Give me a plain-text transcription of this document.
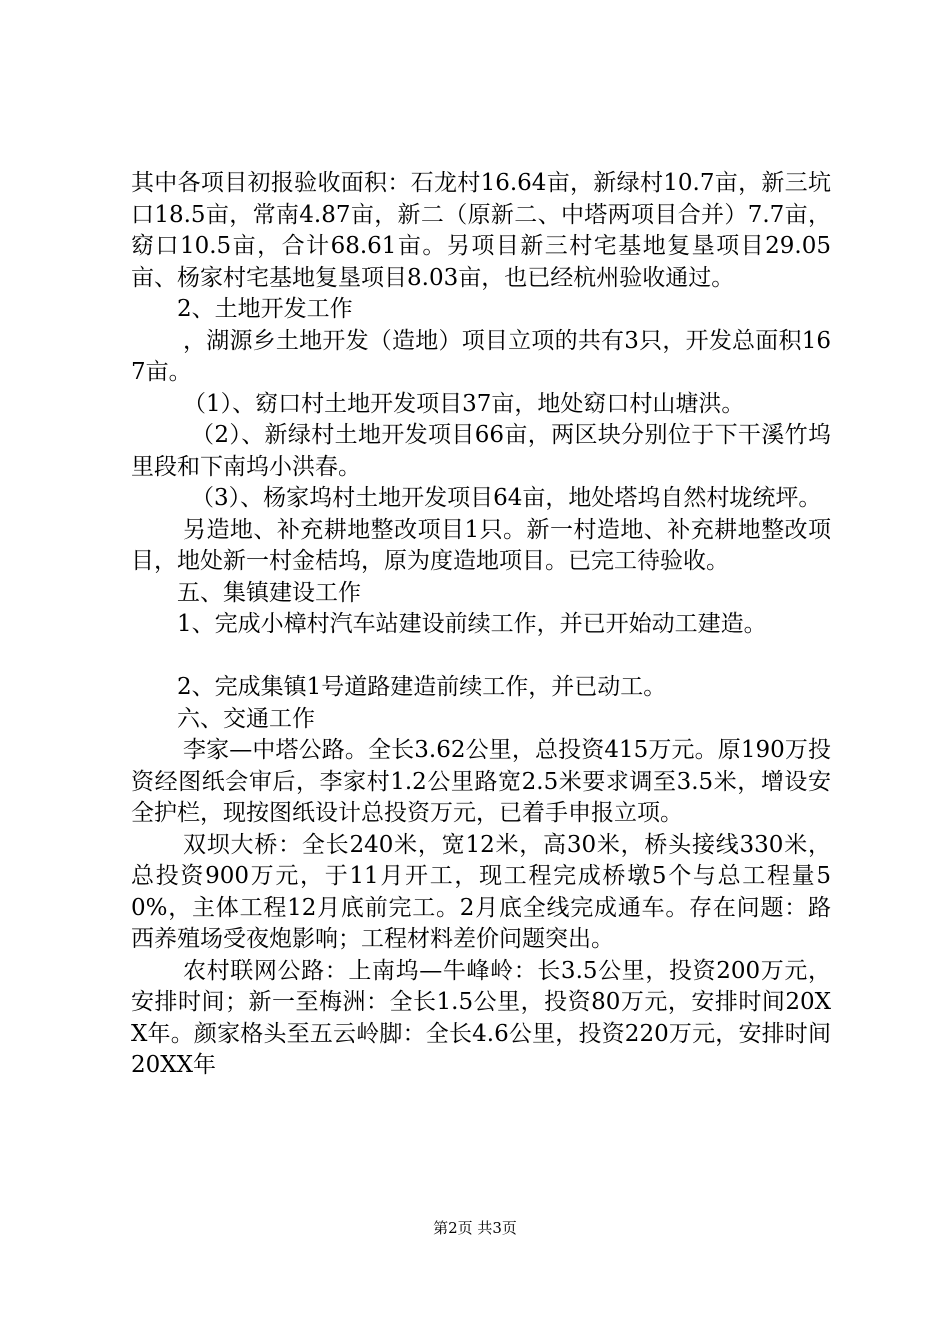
其中各项目初报验收面积：石龙村16.64亩，新绿村10.7亩，新三坑口18.5亩，常南4.87亩，新二（原新二、中塔两项目合并）7.7亩，窈口10.5亩，合计68.61亩。另项目新三村宅基地复垦项目29.05亩、杨家村宅基地复垦项目8.03亩，也已经杭州验收通过。

2、土地开发工作

，湖源乡土地开发（造地）项目立项的共有3只，开发总面积167亩。

（1）、窈口村土地开发项目37亩，地处窈口村山塘洪。

（2）、新绿村土地开发项目66亩，两区块分别位于下干溪竹坞里段和下南坞小洪春。

（3）、杨家坞村土地开发项目64亩，地处塔坞自然村垅统坪。

另造地、补充耕地整改项目1只。新一村造地、补充耕地整改项目，地处新一村金桔坞，原为度造地项目。已完工待验收。

五、集镇建设工作

1、完成小樟村汽车站建设前续工作，并已开始动工建造。

2、完成集镇1号道路建造前续工作，并已动工。

六、交通工作

李家—中塔公路。全长3.62公里，总投资415万元。原190万投资经图纸会审后，李家村1.2公里路宽2.5米要求调至3.5米，增设安全护栏，现按图纸设计总投资万元，已着手申报立项。

双坝大桥：全长240米，宽12米，高30米，桥头接线330米，总投资900万元，于11月开工，现工程完成桥墩5个与总工程量50%，主体工程12月底前完工。2月底全线完成通车。存在问题：路西养殖场受夜炮影响；工程材料差价问题突出。

农村联网公路：上南坞—牛峰岭：长3.5公里，投资200万元，安排时间；新一至梅洲：全长1.5公里，投资80万元，安排时间20XX年。颜家格头至五云岭脚：全长4.6公里，投资220万元，安排时间20XX年

第2页 共3页
